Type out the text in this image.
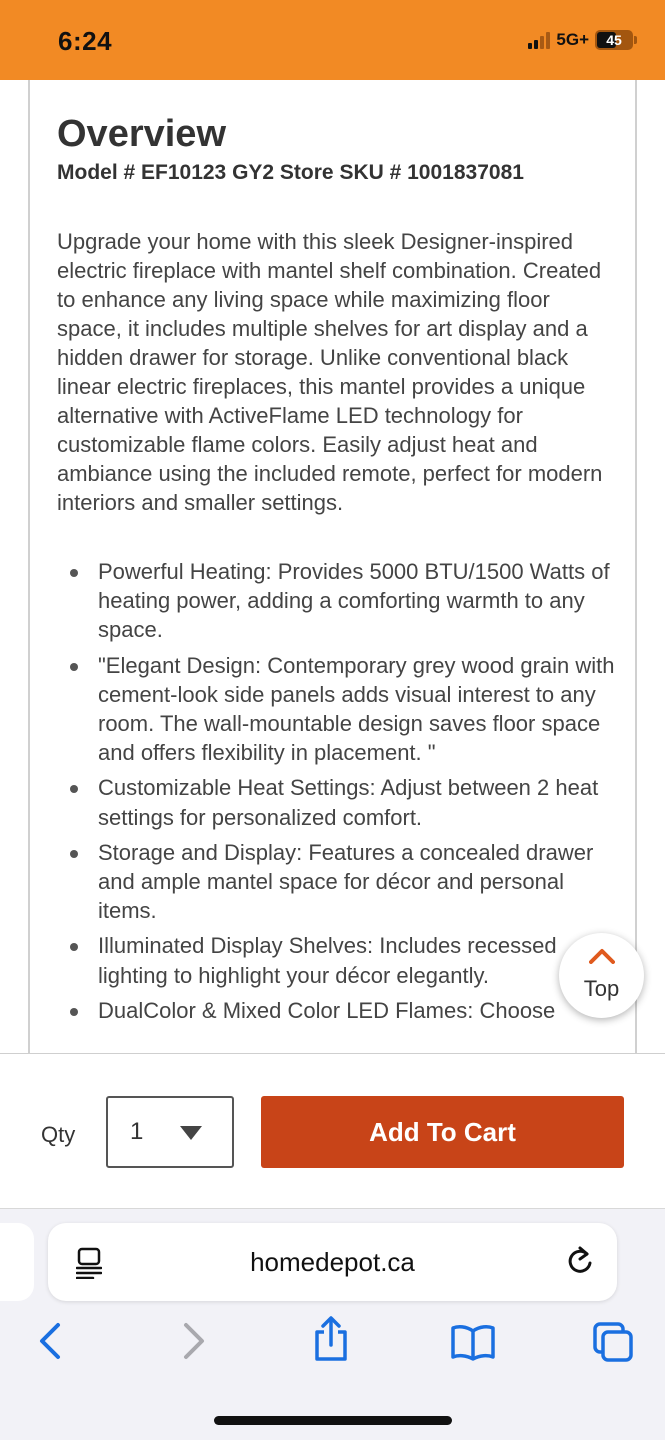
6:24	5G+	45
Overview
Model # EF10123 GY2 Store SKU # 1001837081

Upgrade your home with this sleek Designer-inspired electric fireplace with mantel shelf combination. Created to enhance any living space while maximizing floor space, it includes multiple shelves for art display and a hidden drawer for storage. Unlike conventional black linear electric fireplaces, this mantel provides a unique alternative with ActiveFlame LED technology for customizable flame colors. Easily adjust heat and ambiance using the included remote, perfect for modern interiors and smaller settings.

Powerful Heating: Provides 5000 BTU/1500 Watts of heating power, adding a comforting warmth to any space.
"Elegant Design: Contemporary grey wood grain with cement-look side panels adds visual interest to any room. The wall-mountable design saves floor space and offers flexibility in placement. "
Customizable Heat Settings: Adjust between 2 heat settings for personalized comfort.
Storage and Display: Features a concealed drawer and ample mantel space for décor and personal items.
Illuminated Display Shelves: Includes recessed lighting to highlight your décor elegantly.
DualColor & Mixed Color LED Flames: Choose
Top
Qty 1	Add To Cart
homedepot.ca
